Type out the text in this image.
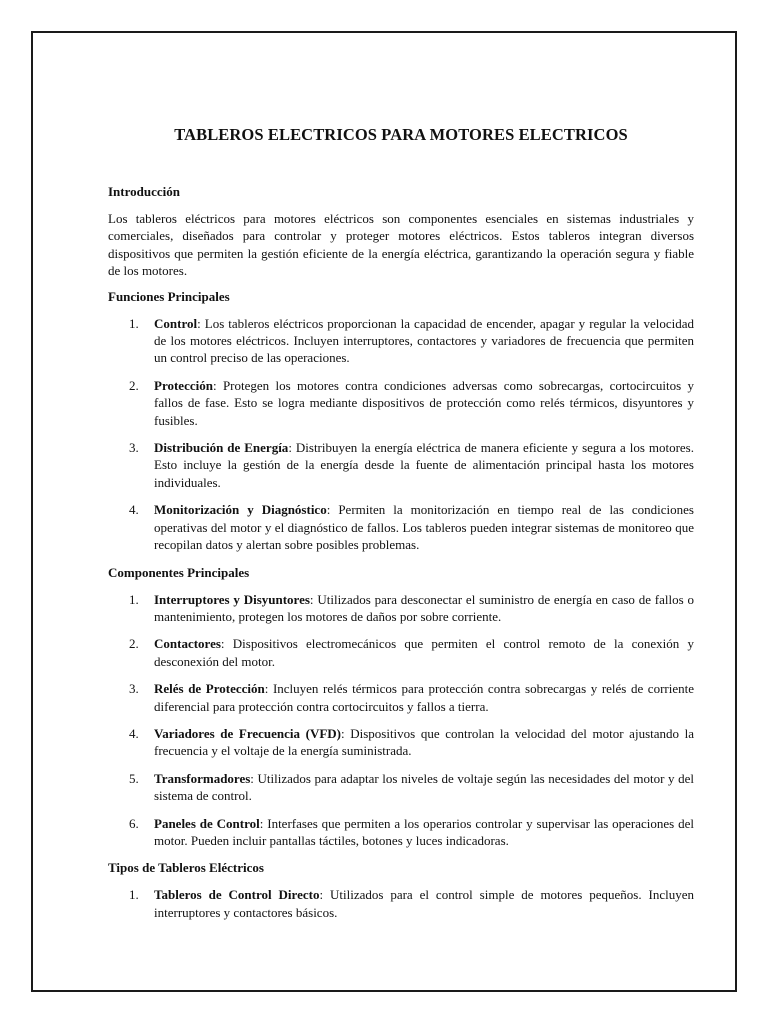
TABLEROS ELECTRICOS PARA MOTORES ELECTRICOS
Introducción

Los tableros eléctricos para motores eléctricos son componentes esenciales en sistemas industriales y comerciales, diseñados para controlar y proteger motores eléctricos. Estos tableros integran diversos dispositivos que permiten la gestión eficiente de la energía eléctrica, garantizando la operación segura y fiable de los motores.

Funciones Principales
1. Control: Los tableros eléctricos proporcionan la capacidad de encender, apagar y regular la velocidad de los motores eléctricos. Incluyen interruptores, contactores y variadores de frecuencia que permiten un control preciso de las operaciones.
2. Protección: Protegen los motores contra condiciones adversas como sobrecargas, cortocircuitos y fallos de fase. Esto se logra mediante dispositivos de protección como relés térmicos, disyuntores y fusibles.
3. Distribución de Energía: Distribuyen la energía eléctrica de manera eficiente y segura a los motores. Esto incluye la gestión de la energía desde la fuente de alimentación principal hasta los motores individuales.
4. Monitorización y Diagnóstico: Permiten la monitorización en tiempo real de las condiciones operativas del motor y el diagnóstico de fallos. Los tableros pueden integrar sistemas de monitoreo que recopilan datos y alertan sobre posibles problemas.
Componentes Principales
1. Interruptores y Disyuntores: Utilizados para desconectar el suministro de energía en caso de fallos o mantenimiento, protegen los motores de daños por sobre corriente.
2. Contactores: Dispositivos electromecánicos que permiten el control remoto de la conexión y desconexión del motor.
3. Relés de Protección: Incluyen relés térmicos para protección contra sobrecargas y relés de corriente diferencial para protección contra cortocircuitos y fallos a tierra.
4. Variadores de Frecuencia (VFD): Dispositivos que controlan la velocidad del motor ajustando la frecuencia y el voltaje de la energía suministrada.
5. Transformadores: Utilizados para adaptar los niveles de voltaje según las necesidades del motor y del sistema de control.
6. Paneles de Control: Interfases que permiten a los operarios controlar y supervisar las operaciones del motor. Pueden incluir pantallas táctiles, botones y luces indicadoras.
Tipos de Tableros Eléctricos
1. Tableros de Control Directo: Utilizados para el control simple de motores pequeños. Incluyen interruptores y contactores básicos.
